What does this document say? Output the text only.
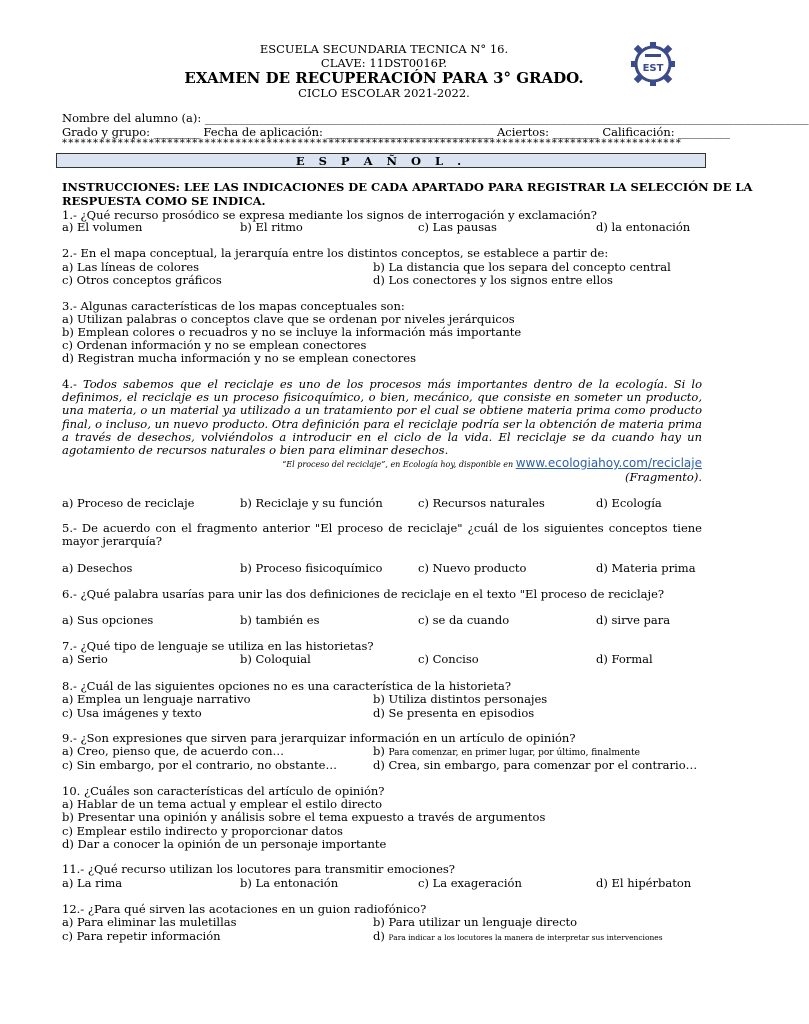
ESCUELA SECUNDARIA TECNICA N° 16.
CLAVE: 11DST0016P.
EXAMEN DE RECUPERACIÓN PARA 3° GRADO.
CICLO ESCOLAR 2021-2022.
EST
Nombre del alumno (a): _________________________________________________________________________________________________________
Grado y grupo: ________ Fecha de aplicación: _____________________________ Aciertos: ________ Calificación: _________
****************************************************************************************************
E S P A Ñ O L .
INSTRUCCIONES: LEE LAS INDICACIONES DE CADA APARTADO PARA REGISTRAR LA SELECCIÓN DE LA
RESPUESTA COMO SE INDICA.
1.- ¿Qué recurso prosódico se expresa mediante los signos de interrogación y exclamación?
a) El volumen	b) El ritmo	c) Las pausas	d) la entonación
2.- En el mapa conceptual, la jerarquía entre los distintos conceptos, se establece a partir de:
a) Las líneas de colores	b) La distancia que los separa del concepto central
c) Otros conceptos gráficos	d) Los conectores y los signos entre ellos
3.- Algunas características de los mapas conceptuales son:
a) Utilizan palabras o conceptos clave que se ordenan por niveles jerárquicos
b) Emplean colores o recuadros y no se incluye la información más importante
c) Ordenan información y no se emplean conectores
d) Registran mucha información y no se emplean conectores
4.- Todos sabemos que el reciclaje es uno de los procesos más importantes dentro de la ecología. Si lo definimos, el reciclaje es un proceso fisicoquímico, o bien, mecánico, que consiste en someter un producto, una materia, o un material ya utilizado a un tratamiento por el cual se obtiene materia prima como producto final, o incluso, un nuevo producto. Otra definición para el reciclaje podría ser la obtención de materia prima a través de desechos, volviéndolos a introducir en el ciclo de la vida. El reciclaje se da cuando hay un agotamiento de recursos naturales o bien para eliminar desechos.
“El proceso del reciclaje”, en Ecología hoy, disponible en www.ecologiahoy.com/reciclaje
(Fragmento).
a) Proceso de reciclaje	b) Reciclaje y su función	c) Recursos naturales	d) Ecología
5.- De acuerdo con el fragmento anterior "El proceso de reciclaje" ¿cuál de los siguientes conceptos tiene
mayor jerarquía?
a) Desechos	b) Proceso fisicoquímico	c) Nuevo producto	d) Materia prima
6.- ¿Qué palabra usarías para unir las dos definiciones de reciclaje en el texto "El proceso de reciclaje?
a) Sus opciones	b) también es	c) se da cuando	d) sirve para
7.- ¿Qué tipo de lenguaje se utiliza en las historietas?
a) Serio	b) Coloquial	c) Conciso	d) Formal
8.- ¿Cuál de las siguientes opciones no es una característica de la historieta?
a) Emplea un lenguaje narrativo	b) Utiliza distintos personajes
c) Usa imágenes y texto	d) Se presenta en episodios
9.- ¿Son expresiones que sirven para jerarquizar información en un artículo de opinión?
a) Creo, pienso que, de acuerdo con…	b) Para comenzar, en primer lugar, por último, finalmente
c) Sin embargo, por el contrario, no obstante…	d) Crea, sin embargo, para comenzar por el contrario…
10. ¿Cuáles son características del artículo de opinión?
a) Hablar de un tema actual y emplear el estilo directo
b) Presentar una opinión y análisis sobre el tema expuesto a través de argumentos
c) Emplear estilo indirecto y proporcionar datos
d) Dar a conocer la opinión de un personaje importante
11.- ¿Qué recurso utilizan los locutores para transmitir emociones?
a) La rima	b) La entonación	c) La exageración	d) El hipérbaton
12.- ¿Para qué sirven las acotaciones en un guion radiofónico?
a) Para eliminar las muletillas	b) Para utilizar un lenguaje directo
c) Para repetir información	d) Para indicar a los locutores la manera de interpretar sus intervenciones
